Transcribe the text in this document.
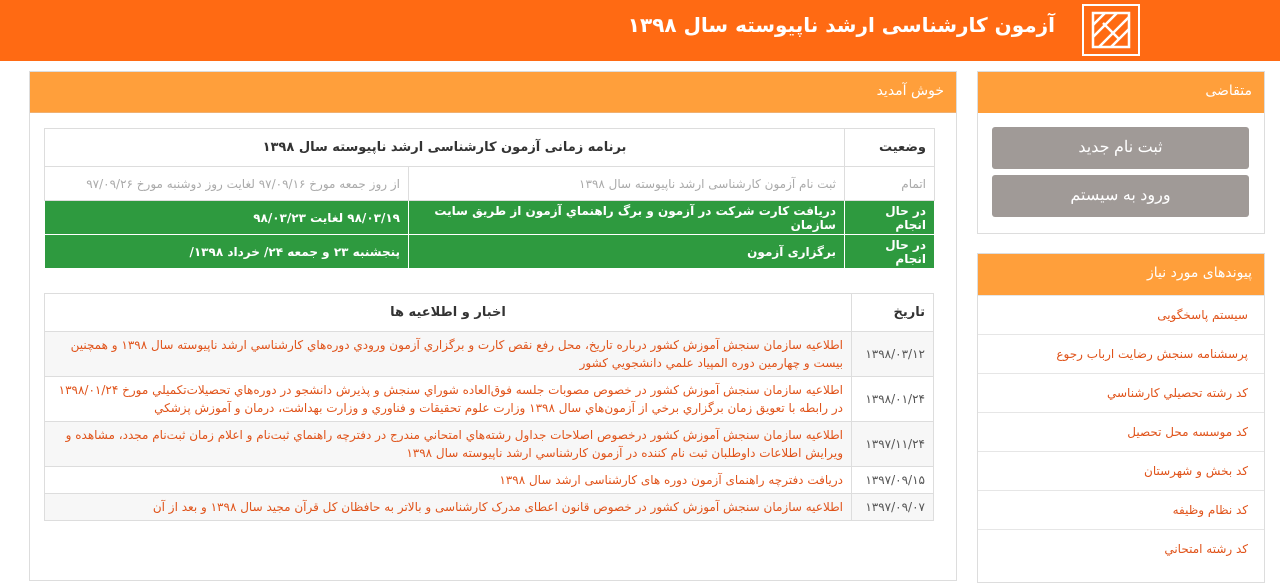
آزمون کارشناسی ارشد ناپیوسته سال ۱۳۹۸
خوش آمدید
وضعیت	برنامه زمانی آزمون کارشناسی ارشد ناپیوسته سال ۱۳۹۸	
اتمام	ثبت نام آزمون کارشناسی ارشد ناپیوسته سال ۱۳۹۸	از روز جمعه مورخ ۹۷/۰۹/۱۶ لغایت روز دوشنبه مورخ ۹۷/۰۹/۲۶
در حال انجام	دریافت کارت شرکت در آزمون و برگ راهنماي آزمون از طریق سایت سازمان	۹۸/۰۳/۱۹ لغایت ۹۸/۰۳/۲۳
در حال انجام	برگزاری آزمون	پنجشنبه ۲۳ و جمعه ۲۴/ خرداد ۱۳۹۸/
تاریخ	اخبار و اطلاعیه ها
۱۳۹۸/۰۳/۱۲	اطلاعیه سازمان سنجش آموزش کشور درباره تاریخ، محل رفع نقص کارت و برگزاري آزمون ورودي دوره‌هاي كارشناسي ارشد ناپيوسته سال ۱۳۹۸ و همچنين بيست و چهارمين دوره المپياد علمي دانشجويي كشور
۱۳۹۸/۰۱/۲۴	اطلاعیه سازمان سنجش آموزش کشور در خصوص مصوبات جلسه فوق‌العاده شوراي سنجش و پذيرش دانشجو در دوره‌هاي تحصيلات‌تكميلي مورخ ۱۳۹۸/۰۱/۲۴ در رابطه با تعويق زمان برگزاري برخي از آزمون‌هاي سال ۱۳۹۸ وزارت علوم تحقيقات و فناوري و وزارت بهداشت، درمان و آموزش پزشكي
۱۳۹۷/۱۱/۲۴	اطلاعیه سازمان سنجش آموزش کشور درخصوص اصلاحات جداول رشته‌هاي امتحاني مندرج در دفترچه راهنماي ثبت‌نام و اعلام زمان ثبت‌نام مجدد، مشاهده و ويرايش اطلاعات داوطلبان ثبت نام كننده در آزمون كارشناسي ارشد ناپيوسته سال ۱۳۹۸
۱۳۹۷/۰۹/۱۵	دریافت دفترچه راهنمای آزمون دوره های کارشناسی ارشد سال ۱۳۹۸
۱۳۹۷/۰۹/۰۷	اطلاعیه سازمان سنجش آموزش کشور در خصوص قانون اعطای مدرک کارشناسی و بالاتر به حافظان کل قرآن مجید سال ۱۳۹۸ و بعد از آن
متقاضی
ثبت نام جدید
ورود به سیستم
پیوندهای مورد نیاز
سیستم پاسخگویی
پرسشنامه سنجش رضایت ارباب رجوع
كد رشته تحصیلي كارشناسي
كد موسسه محل تحصيل
كد بخش و شهرستان
كد نظام وظيفه
كد رشته امتحاني
